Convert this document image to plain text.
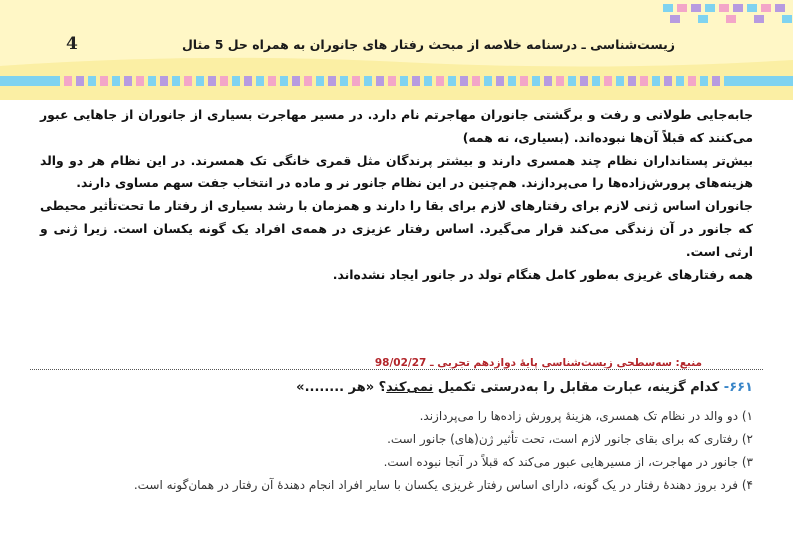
4	زیست‌شناسی ـ درسنامه خلاصه از مبحث رفتار های جانوران به همراه حل 5 مثال

جابه‌جایی طولانی و رفت و برگشتی جانوران مهاجرتم نام دارد. در مسیر مهاجرت بسیاری از جانوران از جاهایی عبور می‌کنند که قبلاً آن‌ها نبوده‌اند. (بسیاری، نه همه)

بیش‌تر پستانداران نظام چند همسری دارند و بیشتر پرندگان مثل قمری خانگی تک همسرند. در این نظام هر دو والد هزینه‌های پرورش‌زاده‌ها را می‌پردازند. هم‌چنین در این نظام جانور نر و ماده در انتخاب جفت سهم مساوی دارند.

جانوران اساس ژنی لازم برای رفتارهای لازم برای بقا را دارند و همزمان با رشد بسیاری از رفتار ما تحت‌تأثیر محیطی که جانور در آن زندگی می‌کند قرار می‌گیرد. اساس رفتار عزیزی در همه‌ی افراد یک گونه یکسان است. زیرا ژنی و ارثی است.

همه رفتارهای غریزی به‌طور کامل هنگام تولد در جانور ایجاد نشده‌اند.

منبع: سه‌سطحی زیست‌شناسی پایهٔ دوازدهم تجربی ـ 98/02/27
۶۶۱- کدام گزینه، عبارت مقابل را به‌درستی تکمیل نمی‌کند؟ «هر ........»
۱) دو والد در نظام تک همسری، هزینهٔ پرورش زاده‌ها را می‌پردازند.
۲) رفتاری که برای بقای جانور لازم است، تحت تأثیر ژن(های) جانور است.
۳) جانور در مهاجرت، از مسیرهایی عبور می‌کند که قبلاً در آنجا نبوده است.
۴) فرد بروز دهندهٔ رفتار در یک گونه، دارای اساس رفتار غریزی یکسان با سایر افراد انجام دهندهٔ آن رفتار در همان‌گونه است.
